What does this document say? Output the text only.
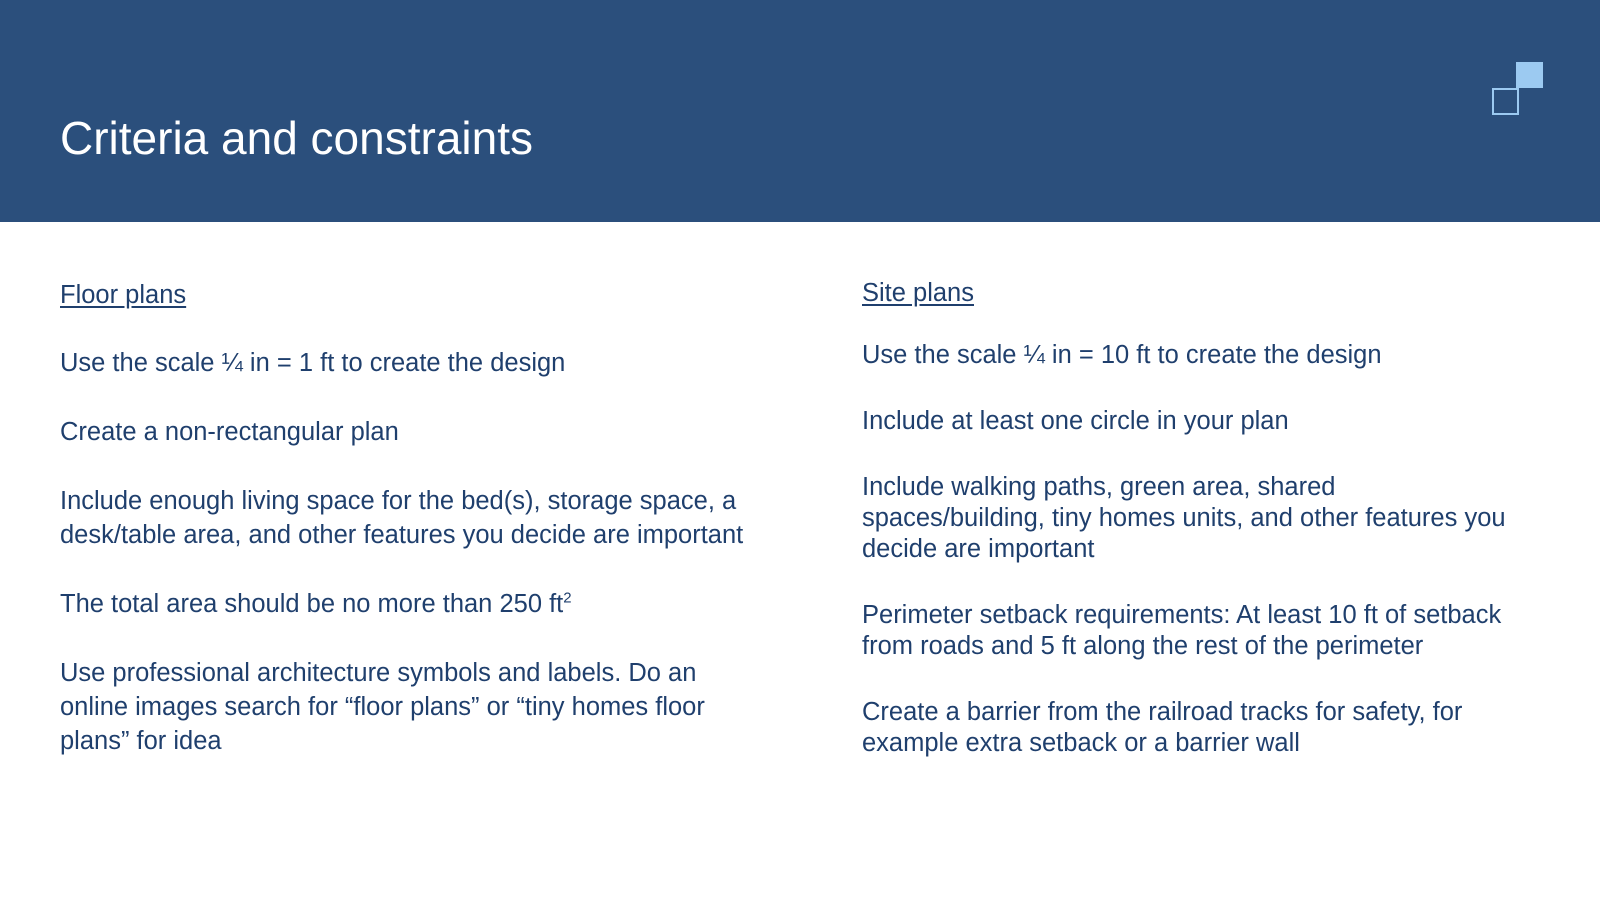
Criteria and constraints

Floor plans

Use the scale ¼ in = 1 ft to create the design

Create a non-rectangular plan

Include enough living space for the bed(s), storage space, a desk/table area, and other features you decide are important

The total area should be no more than 250 $ft^2$

Use professional architecture symbols and labels. Do an online images search for “floor plans” or “tiny homes floor plans” for idea

Site plans

Use the scale ¼ in = 10 ft to create the design

Include at least one circle in your plan

Include walking paths, green area, shared spaces/building, tiny homes units, and other features you decide are important

Perimeter setback requirements: At least 10 ft of setback from roads and 5 ft along the rest of the perimeter

Create a barrier from the railroad tracks for safety, for example extra setback or a barrier wall
